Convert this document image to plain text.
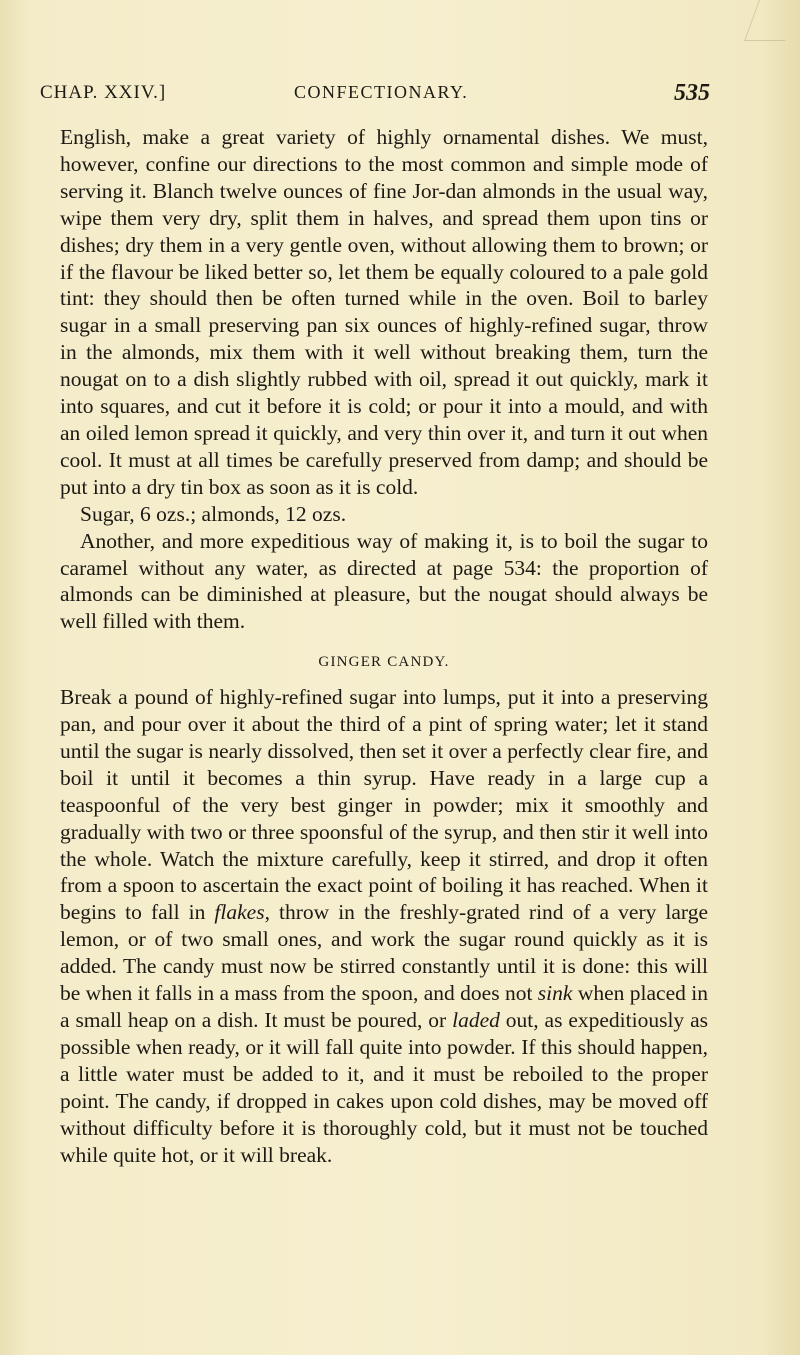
CHAP. XXIV.]	CONFECTIONARY.	535

English, make a great variety of highly ornamental dishes. We must, however, confine our directions to the most common and simple mode of serving it. Blanch twelve ounces of fine Jor-dan almonds in the usual way, wipe them very dry, split them in halves, and spread them upon tins or dishes; dry them in a very gentle oven, without allowing them to brown; or if the flavour be liked better so, let them be equally coloured to a pale gold tint: they should then be often turned while in the oven. Boil to barley sugar in a small preserving pan six ounces of highly-refined sugar, throw in the almonds, mix them with it well without breaking them, turn the nougat on to a dish slightly rubbed with oil, spread it out quickly, mark it into squares, and cut it before it is cold; or pour it into a mould, and with an oiled lemon spread it quickly, and very thin over it, and turn it out when cool. It must at all times be carefully preserved from damp; and should be put into a dry tin box as soon as it is cold.

Sugar, 6 ozs.; almonds, 12 ozs.

Another, and more expeditious way of making it, is to boil the sugar to caramel without any water, as directed at page 534: the proportion of almonds can be diminished at pleasure, but the nougat should always be well filled with them.

GINGER CANDY.

Break a pound of highly-refined sugar into lumps, put it into a preserving pan, and pour over it about the third of a pint of spring water; let it stand until the sugar is nearly dissolved, then set it over a perfectly clear fire, and boil it until it becomes a thin syrup. Have ready in a large cup a teaspoonful of the very best ginger in powder; mix it smoothly and gradually with two or three spoonsful of the syrup, and then stir it well into the whole. Watch the mixture carefully, keep it stirred, and drop it often from a spoon to ascertain the exact point of boiling it has reached. When it begins to fall in flakes, throw in the freshly-grated rind of a very large lemon, or of two small ones, and work the sugar round quickly as it is added. The candy must now be stirred constantly until it is done: this will be when it falls in a mass from the spoon, and does not sink when placed in a small heap on a dish. It must be poured, or laded out, as expeditiously as possible when ready, or it will fall quite into powder. If this should happen, a little water must be added to it, and it must be reboiled to the proper point. The candy, if dropped in cakes upon cold dishes, may be moved off without difficulty before it is thoroughly cold, but it must not be touched while quite hot, or it will break.
